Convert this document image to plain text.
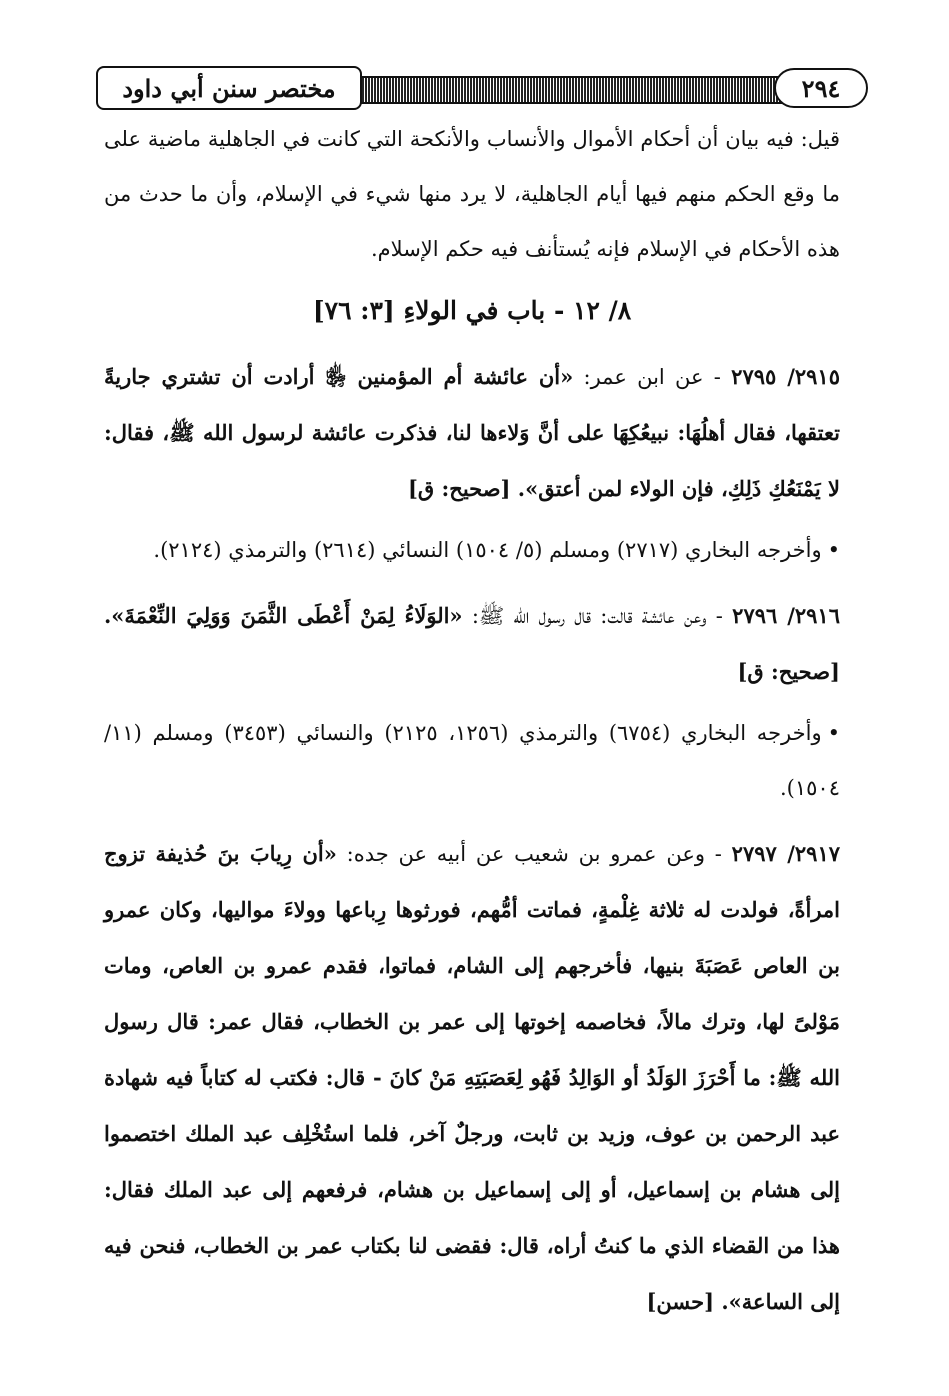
مختصر سنن أبي داود	٢٩٤

قيل: فيه بيان أن أحكام الأموال والأنساب والأنكحة التي كانت في الجاهلية ماضية على ما وقع الحكم منهم فيها أيام الجاهلية، لا يرد منها شيء في الإسلام، وأن ما حدث من هذه الأحكام في الإسلام فإنه يُستأنف فيه حكم الإسلام.

٨/ ١٢ - باب في الولاءِ [٣: ٧٦]

٢٩١٥/ ٢٧٩٥ - عن ابن عمر: «أن عائشة أم المؤمنين ﵂ أرادت أن تشتري جاريةً تعتقها، فقال أهلُهَا: نبيعُكِهَا على أنَّ وَلاءها لنا، فذكرت عائشة لرسول الله ﷺ، فقال: لا يَمْنَعُكِ ذَلِكِ، فإن الولاء لمن أعتق». [صحيح: ق]

•وأخرجه البخاري (٢٧١٧) ومسلم (٥/ ١٥٠٤) النسائي (٢٦١٤) والترمذي (٢١٢٤).

٢٩١٦/ ٢٧٩٦ - وعن عائشة قالت: قال رسول الله ﷺ: «الوَلَاءُ لِمَنْ أَعْطَى الثَّمَنَ وَوَلِيَ النِّعْمَةَ». [صحيح: ق]

•وأخرجه البخاري (٦٧٥٤) والترمذي (١٢٥٦، ٢١٢٥) والنسائي (٣٤٥٣) ومسلم (١١/ ١٥٠٤).

٢٩١٧/ ٢٧٩٧ - وعن عمرو بن شعيب عن أبيه عن جده: «أن رِيابَ بنَ حُذيفة تزوج امرأةً، فولدت له ثلاثة غِلْمةٍ، فماتت أمُّهم، فورثوها رِباعها وولاءَ مواليها، وكان عمرو بن العاص عَصَبَةَ بنيها، فأخرجهم إلى الشام، فماتوا، فقدم عمرو بن العاص، ومات مَوْلىً لها، وترك مالاً، فخاصمه إخوتها إلى عمر بن الخطاب، فقال عمر: قال رسول الله ﷺ: ما أَحْرَزَ الوَلَدُ أو الوَالِدُ فَهُو لِعَصَبَتِهِ مَنْ كانَ - قال: فكتب له كتاباً فيه شهادة عبد الرحمن بن عوف، وزيد بن ثابت، ورجلٌ آخر، فلما استُخْلِف عبد الملك اختصموا إلى هشام بن إسماعيل، أو إلى إسماعيل بن هشام، فرفعهم إلى عبد الملك فقال: هذا من القضاء الذي ما كنتُ أراه، قال: فقضى لنا بكتاب عمر بن الخطاب، فنحن فيه إلى الساعة». [حسن]
